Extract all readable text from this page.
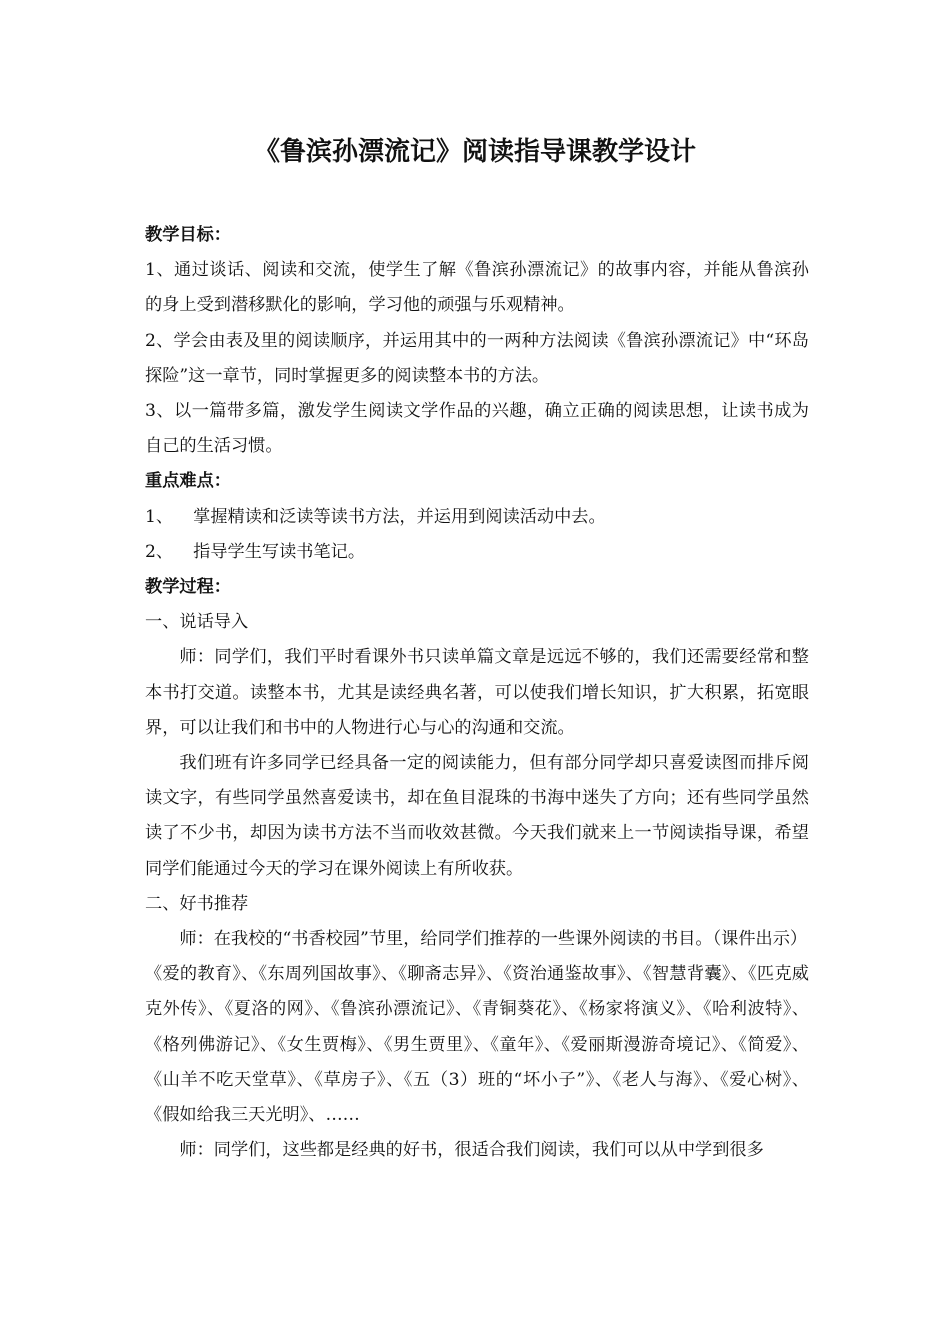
《鲁滨孙漂流记》阅读指导课教学设计

教学目标：

1、通过谈话、阅读和交流，使学生了解《鲁滨孙漂流记》的故事内容，并能从鲁滨孙的身上受到潜移默化的影响，学习他的顽强与乐观精神。

2、学会由表及里的阅读顺序，并运用其中的一两种方法阅读《鲁滨孙漂流记》中“环岛探险”这一章节，同时掌握更多的阅读整本书的方法。

3、以一篇带多篇，激发学生阅读文学作品的兴趣，确立正确的阅读思想，让读书成为自己的生活习惯。

重点难点：

1、 掌握精读和泛读等读书方法，并运用到阅读活动中去。

2、 指导学生写读书笔记。

教学过程：

一、说话导入

师：同学们，我们平时看课外书只读单篇文章是远远不够的，我们还需要经常和整本书打交道。读整本书，尤其是读经典名著，可以使我们增长知识，扩大积累，拓宽眼界，可以让我们和书中的人物进行心与心的沟通和交流。

我们班有许多同学已经具备一定的阅读能力，但有部分同学却只喜爱读图而排斥阅读文字，有些同学虽然喜爱读书，却在鱼目混珠的书海中迷失了方向；还有些同学虽然读了不少书，却因为读书方法不当而收效甚微。今天我们就来上一节阅读指导课，希望同学们能通过今天的学习在课外阅读上有所收获。

二、好书推荐

师：在我校的“书香校园”节里，给同学们推荐的一些课外阅读的书目。（课件出示）

《爱的教育》、《东周列国故事》、《聊斋志异》、《资治通鉴故事》、《智慧背囊》、《匹克威克外传》、《夏洛的网》、《鲁滨孙漂流记》、《青铜葵花》、《杨家将演义》、《哈利波特》、《格列佛游记》、《女生贾梅》、《男生贾里》、《童年》、《爱丽斯漫游奇境记》、《简爱》、《山羊不吃天堂草》、《草房子》、《五（3）班的“坏小子”》、《老人与海》、《爱心树》、《假如给我三天光明》、……

师：同学们，这些都是经典的好书，很适合我们阅读，我们可以从中学到很多
